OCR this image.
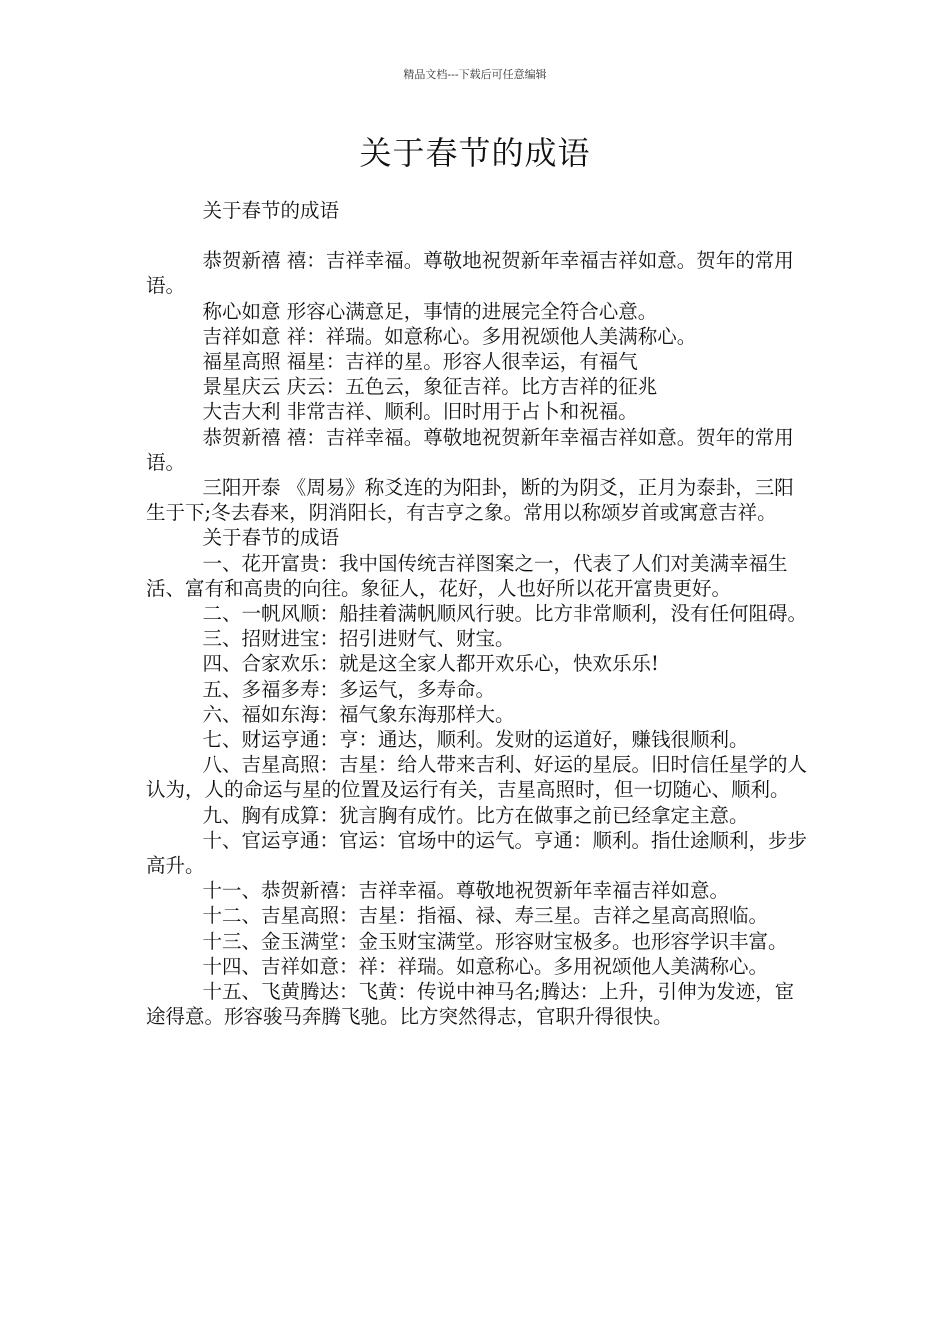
精品文档---下载后可任意编辑
关于春节的成语

关于春节的成语

恭贺新禧 禧：吉祥幸福。尊敬地祝贺新年幸福吉祥如意。贺年的常用语。

称心如意 形容心满意足，事情的进展完全符合心意。

吉祥如意 祥：祥瑞。如意称心。多用祝颂他人美满称心。

福星高照 福星：吉祥的星。形容人很幸运，有福气

景星庆云 庆云：五色云，象征吉祥。比方吉祥的征兆

大吉大利 非常吉祥、顺利。旧时用于占卜和祝福。

恭贺新禧 禧：吉祥幸福。尊敬地祝贺新年幸福吉祥如意。贺年的常用语。

三阳开泰 《周易》称爻连的为阳卦，断的为阴爻，正月为泰卦，三阳生于下;冬去春来，阴消阳长，有吉亨之象。常用以称颂岁首或寓意吉祥。

关于春节的成语

一、花开富贵：我中国传统吉祥图案之一，代表了人们对美满幸福生活、富有和高贵的向往。象征人，花好，人也好所以花开富贵更好。

二、一帆风顺：船挂着满帆顺风行驶。比方非常顺利，没有任何阻碍。

三、招财进宝：招引进财气、财宝。

四、合家欢乐：就是这全家人都开欢乐心，快欢乐乐!

五、多福多寿：多运气，多寿命。

六、福如东海：福气象东海那样大。

七、财运亨通：亨：通达，顺利。发财的运道好，赚钱很顺利。

八、吉星高照：吉星：给人带来吉利、好运的星辰。旧时信任星学的人认为，人的命运与星的位置及运行有关，吉星高照时，但一切随心、顺利。

九、胸有成算：犹言胸有成竹。比方在做事之前已经拿定主意。

十、官运亨通：官运：官场中的运气。亨通：顺利。指仕途顺利，步步高升。

十一、恭贺新禧：吉祥幸福。尊敬地祝贺新年幸福吉祥如意。

十二、吉星高照：吉星：指福、禄、寿三星。吉祥之星高高照临。

十三、金玉满堂：金玉财宝满堂。形容财宝极多。也形容学识丰富。

十四、吉祥如意：祥：祥瑞。如意称心。多用祝颂他人美满称心。

十五、飞黄腾达：飞黄：传说中神马名;腾达：上升，引伸为发迹，宦途得意。形容骏马奔腾飞驰。比方突然得志，官职升得很快。
